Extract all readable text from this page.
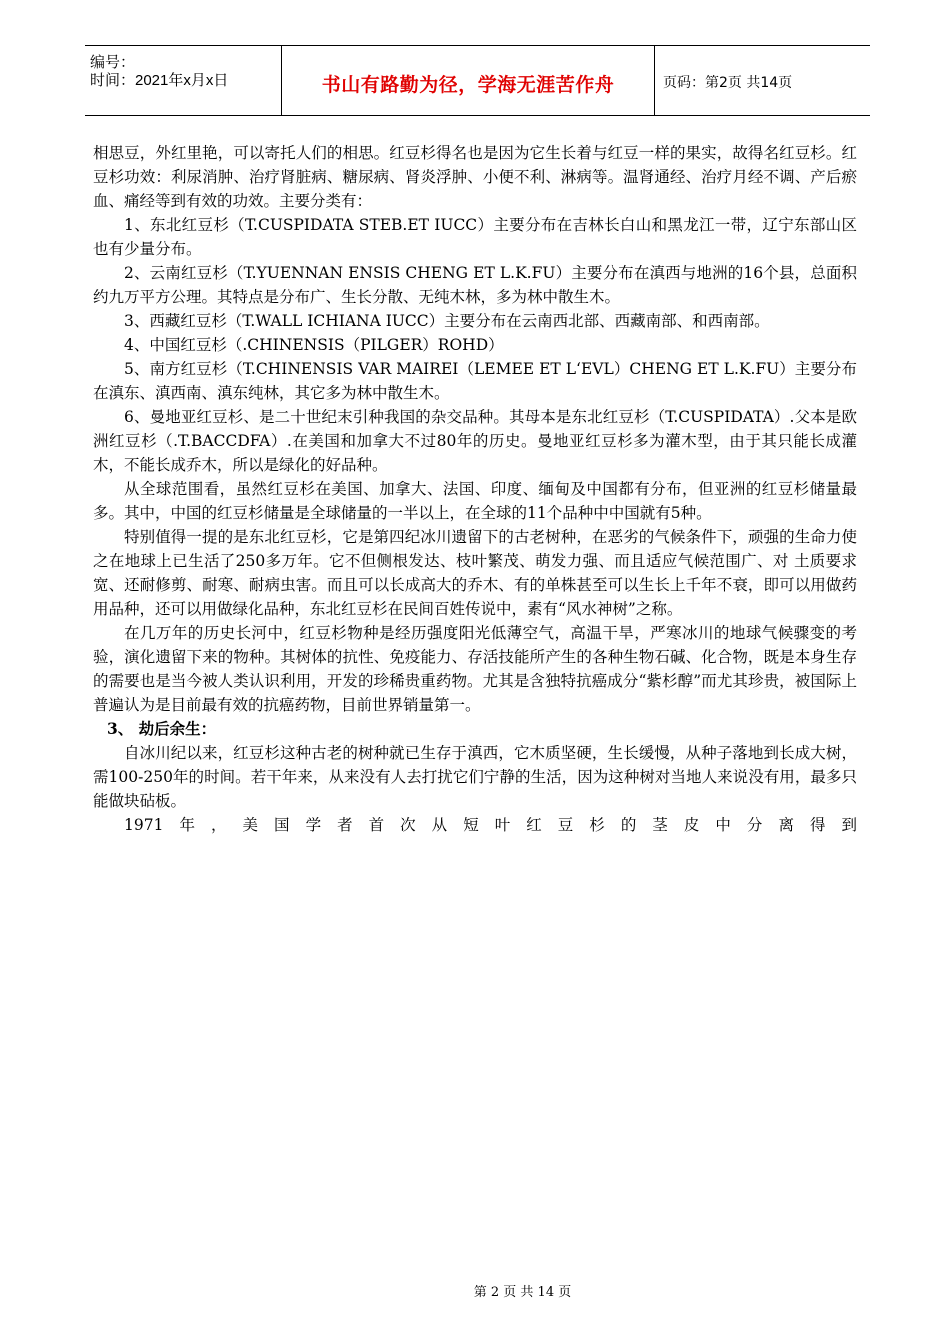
编号：
时间：2021年x月x日	书山有路勤为径，学海无涯苦作舟	页码：第2页 共14页

相思豆，外红里艳，可以寄托人们的相思。红豆杉得名也是因为它生长着与红豆一样的果实，故得名红豆杉。红豆杉功效：利尿消肿、治疗肾脏病、糖尿病、肾炎浮肿、小便不利、淋病等。温肾通经、治疗月经不调、产后瘀血、痛经等到有效的功效。主要分类有：

1、东北红豆杉（T.CUSPIDATA STEB.ET IUCC）主要分布在吉林长白山和黑龙江一带，辽宁东部山区也有少量分布。

2、云南红豆杉（T.YUENNAN ENSIS CHENG ET L.K.FU）主要分布在滇西与地洲的16个县，总面积约九万平方公理。其特点是分布广、生长分散、无纯木林，多为林中散生木。

3、西藏红豆杉（T.WALL ICHIANA IUCC）主要分布在云南西北部、西藏南部、和西南部。

4、中国红豆杉（.CHINENSIS（PILGER）ROHD）

5、南方红豆杉（T.CHINENSIS VAR MAIREI（LEMEE ET L‘EVL）CHENG ET L.K.FU）主要分布在滇东、滇西南、滇东纯林，其它多为林中散生木。

6、曼地亚红豆杉、是二十世纪末引种我国的杂交品种。其母本是东北红豆杉（T.CUSPIDATA）.父本是欧洲红豆杉（.T.BACCDFA）.在美国和加拿大不过80年的历史。曼地亚红豆杉多为灌木型，由于其只能长成灌木，不能长成乔木，所以是绿化的好品种。

从全球范围看，虽然红豆杉在美国、加拿大、法国、印度、缅甸及中国都有分布，但亚洲的红豆杉储量最多。其中，中国的红豆杉储量是全球储量的一半以上，在全球的11个品种中中国就有5种。

特别值得一提的是东北红豆杉，它是第四纪冰川遗留下的古老树种，在恶劣的气候条件下，顽强的生命力使之在地球上已生活了250多万年。它不但侧根发达、枝叶繁茂、萌发力强、而且适应气候范围广、对 土质要求宽、还耐修剪、耐寒、耐病虫害。而且可以长成高大的乔木、有的单株甚至可以生长上千年不衰，即可以用做药用品种，还可以用做绿化品种，东北红豆杉在民间百姓传说中，素有“风水神树”之称。

在几万年的历史长河中，红豆杉物种是经历强度阳光低薄空气，高温干旱，严寒冰川的地球气候骤变的考验，演化遗留下来的物种。其树体的抗性、免疫能力、存活技能所产生的各种生物石碱、化合物，既是本身生存的需要也是当今被人类认识利用，开发的珍稀贵重药物。尤其是含独特抗癌成分“紫杉醇”而尤其珍贵，被国际上普遍认为是目前最有效的抗癌药物，目前世界销量第一。

3、 劫后余生：

自冰川纪以来，红豆杉这种古老的树种就已生存于滇西，它木质坚硬，生长缓慢，从种子落地到长成大树，需100-250年的时间。若干年来，从来没有人去打扰它们宁静的生活，因为这种树对当地人来说没有用，最多只能做块砧板。

1971年，美国学者首次从短叶红豆杉的茎皮中分离得到

第 2 页 共 14 页
